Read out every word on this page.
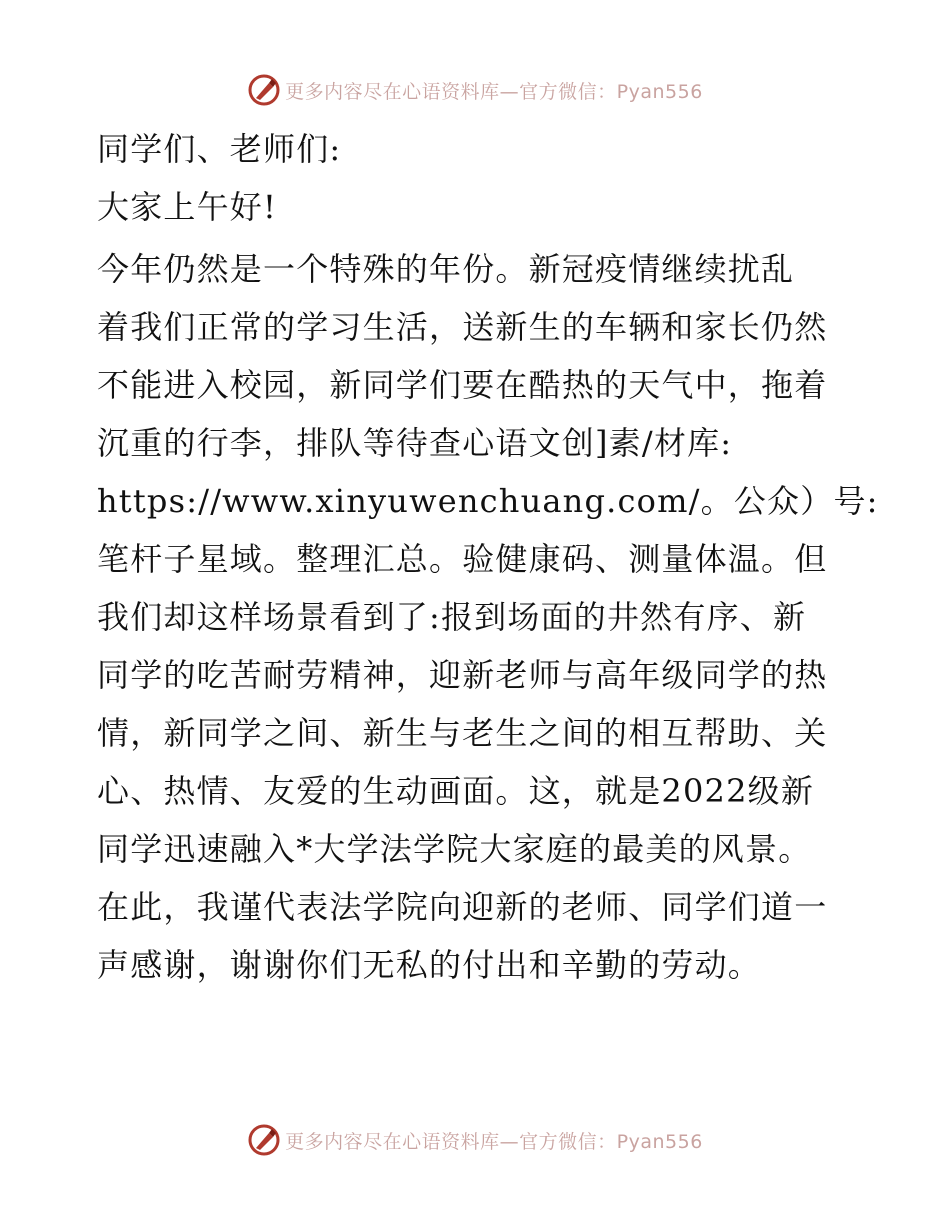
更多内容尽在心语资料库—官方微信：Pyan556

同学们、老师们:

大家上午好!

今年仍然是一个特殊的年份。新冠疫情继续扰乱
着我们正常的学习生活，送新生的车辆和家长仍然
不能进入校园，新同学们要在酷热的天气中，拖着
沉重的行李，排队等待查心语文创]素/材库:
https://www.xinyuwenchuang.com/。公众）号:
笔杆子星域。整理汇总。验健康码、测量体温。但
我们却这样场景看到了:报到场面的井然有序、新
同学的吃苦耐劳精神，迎新老师与高年级同学的热
情，新同学之间、新生与老生之间的相互帮助、关
心、热情、友爱的生动画面。这，就是2022级新
同学迅速融入*大学法学院大家庭的最美的风景。
在此，我谨代表法学院向迎新的老师、同学们道一
声感谢，谢谢你们无私的付出和辛勤的劳动。

更多内容尽在心语资料库—官方微信：Pyan556
